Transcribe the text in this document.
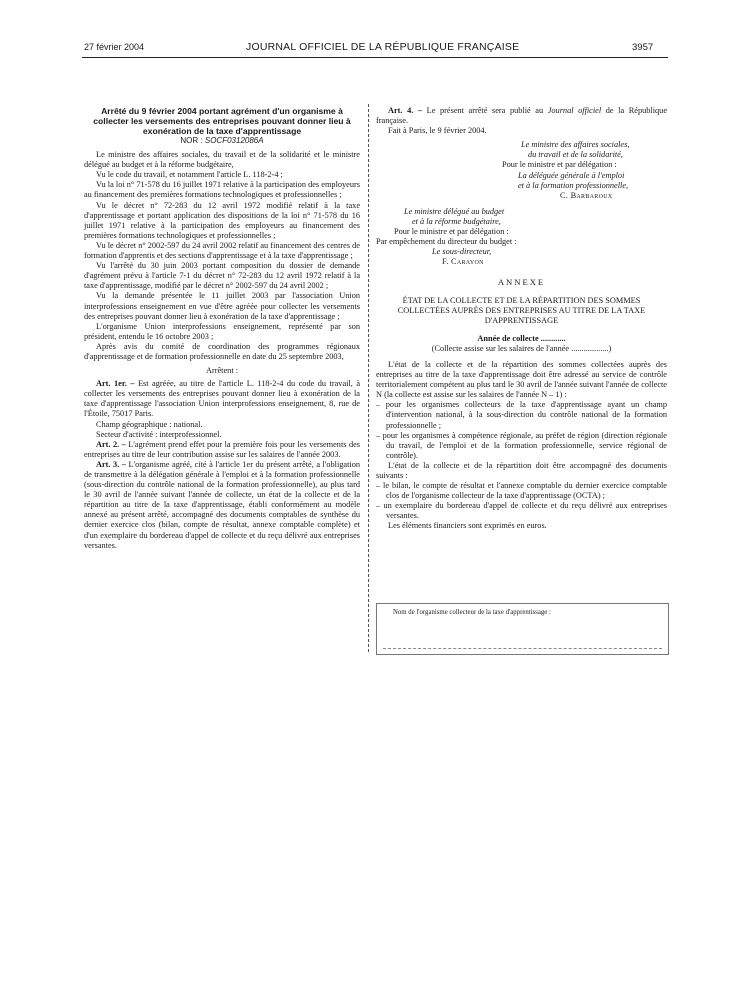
27 février 2004	JOURNAL OFFICIEL DE LA RÉPUBLIQUE FRANÇAISE	3957

Arrêté du 9 février 2004 portant agrément d'un organisme à collecter les versements des entreprises pouvant donner lieu à exonération de la taxe d'apprentissage

NOR : SOCF0312086A

Le ministre des affaires sociales, du travail et de la solidarité et le ministre délégué au budget et à la réforme budgétaire,

Vu le code du travail, et notamment l'article L. 118-2-4 ;

Vu la loi n° 71-578 du 16 juillet 1971 relative à la participation des employeurs au financement des premières formations technologiques et professionnelles ;

Vu le décret n° 72-283 du 12 avril 1972 modifié relatif à la taxe d'apprentissage et portant application des dispositions de la loi n° 71-578 du 16 juillet 1971 relative à la participation des employeurs au financement des premières formations technologiques et professionnelles ;

Vu le décret n° 2002-597 du 24 avril 2002 relatif au financement des centres de formation d'apprentis et des sections d'apprentissage et à la taxe d'apprentissage ;

Vu l'arrêté du 30 juin 2003 portant composition du dossier de demande d'agrément prévu à l'article 7-1 du décret n° 72-283 du 12 avril 1972 relatif à la taxe d'apprentissage, modifié par le décret n° 2002-597 du 24 avril 2002 ;

Vu la demande présentée le 11 juillet 2003 par l'association Union interprofessions enseignement en vue d'être agréée pour collecter les versements des entreprises pouvant donner lieu à exonération de la taxe d'apprentissage ;

L'organisme Union interprofessions enseignement, représenté par son président, entendu le 16 octobre 2003 ;

Après avis du comité de coordination des programmes régionaux d'apprentissage et de formation professionnelle en date du 25 septembre 2003,

Arrêtent :

Art. 1er. – Est agréée, au titre de l'article L. 118-2-4 du code du travail, à collecter les versements des entreprises pouvant donner lieu à exonération de la taxe d'apprentissage l'association Union interprofessions enseignement, 8, rue de l'Étoile, 75017 Paris.

Champ géographique : national.

Secteur d'activité : interprofessionnel.

Art. 2. – L'agrément prend effet pour la première fois pour les versements des entreprises au titre de leur contribution assise sur les salaires de l'année 2003.

Art. 3. – L'organisme agréé, cité à l'article 1er du présent arrêté, a l'obligation de transmettre à la délégation générale à l'emploi et à la formation professionnelle (sous-direction du contrôle national de la formation professionnelle), au plus tard le 30 avril de l'année suivant l'année de collecte, un état de la collecte et de la répartition au titre de la taxe d'apprentissage, établi conformément au modèle annexé au présent arrêté, accompagné des documents comptables de synthèse du dernier exercice clos (bilan, compte de résultat, annexe comptable complète) et d'un exemplaire du bordereau d'appel de collecte et du reçu délivré aux entreprises versantes.

Art. 4. – Le présent arrêté sera publié au Journal officiel de la République française.

Fait à Paris, le 9 février 2004.

Le ministre des affaires sociales,

du travail et de la solidarité,

Pour le ministre et par délégation :

La déléguée générale à l'emploi

et à la formation professionnelle,

C. Barbaroux

Le ministre délégué au budget

et à la réforme budgétaire,

Pour le ministre et par délégation :

Par empêchement du directeur du budget :

Le sous-directeur,

F. Carayon

ANNEXE

ÉTAT DE LA COLLECTE ET DE LA RÉPARTITION DES SOMMES COLLECTÉES AUPRÈS DES ENTREPRISES AU TITRE DE LA TAXE D'APPRENTISSAGE

Année de collecte ............

(Collecte assise sur les salaires de l'année ..................)

L'état de la collecte et de la répartition des sommes collectées auprès des entreprises au titre de la taxe d'apprentissage doit être adressé au service de contrôle territorialement compétent au plus tard le 30 avril de l'année suivant l'année de collecte N (la collecte est assise sur les salaires de l'année N – 1) :

– pour les organismes collecteurs de la taxe d'apprentissage ayant un champ d'intervention national, à la sous-direction du contrôle national de la formation professionnelle ;

– pour les organismes à compétence régionale, au préfet de région (direction régionale du travail, de l'emploi et de la formation professionnelle, service régional de contrôle).

L'état de la collecte et de la répartition doit être accompagné des documents suivants :

– le bilan, le compte de résultat et l'annexe comptable du dernier exercice comptable clos de l'organisme collecteur de la taxe d'apprentissage (OCTA) ;

– un exemplaire du bordereau d'appel de collecte et du reçu délivré aux entreprises versantes.

Les éléments financiers sont exprimés en euros.

Nom de l'organisme collecteur de la taxe d'apprentissage :
